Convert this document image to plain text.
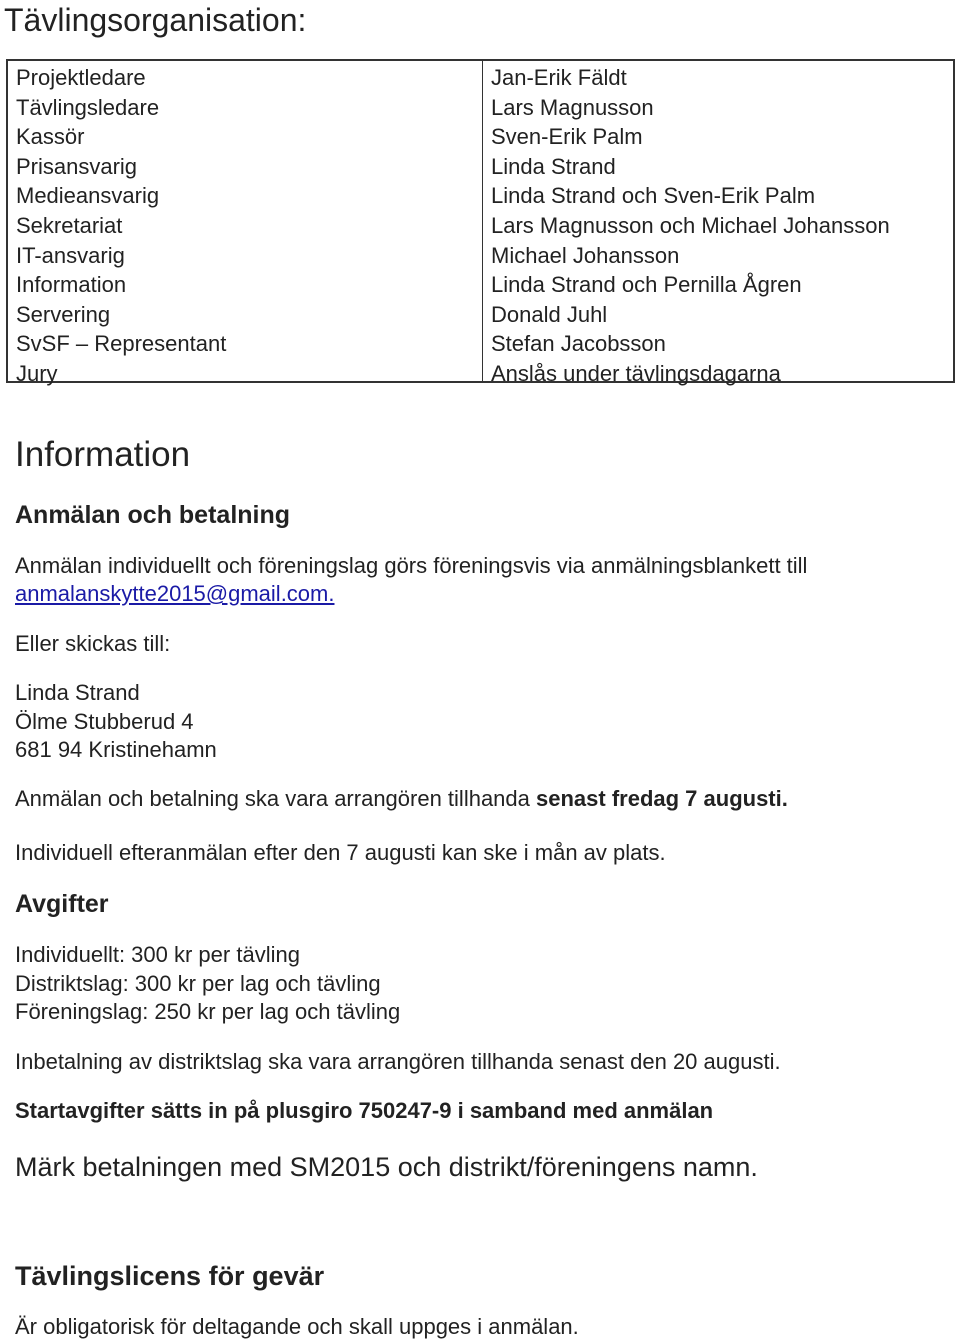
Tävlingsorganisation:
Projektledare
Tävlingsledare
Kassör
Prisansvarig
Medieansvarig
Sekretariat
IT-ansvarig
Information
Servering
SvSF – Representant
Jury
Jan-Erik Fäldt
Lars Magnusson
Sven-Erik Palm
Linda Strand
Linda Strand och Sven-Erik Palm
Lars Magnusson och Michael Johansson
Michael Johansson
Linda Strand och Pernilla Ågren
Donald Juhl
Stefan Jacobsson
Anslås under tävlingsdagarna
Information
Anmälan och betalning

Anmälan individuellt och föreningslag görs föreningsvis via anmälningsblankett till

anmalanskytte2015@gmail.com.

Eller skickas till:

Linda Strand
Ölme Stubberud 4
681 94 Kristinehamn

Anmälan och betalning ska vara arrangören tillhanda senast fredag 7 augusti.

Individuell efteranmälan efter den 7 augusti kan ske i mån av plats.

Avgifter
Individuellt: 300 kr per tävling
Distriktslag: 300 kr per lag och tävling
Föreningslag: 250 kr per lag och tävling

Inbetalning av distriktslag ska vara arrangören tillhanda senast den 20 augusti.

Startavgifter sätts in på plusgiro 750247-9 i samband med anmälan

Märk betalningen med SM2015 och distrikt/föreningens namn.

Tävlingslicens för gevär

Är obligatorisk för deltagande och skall uppges i anmälan.
